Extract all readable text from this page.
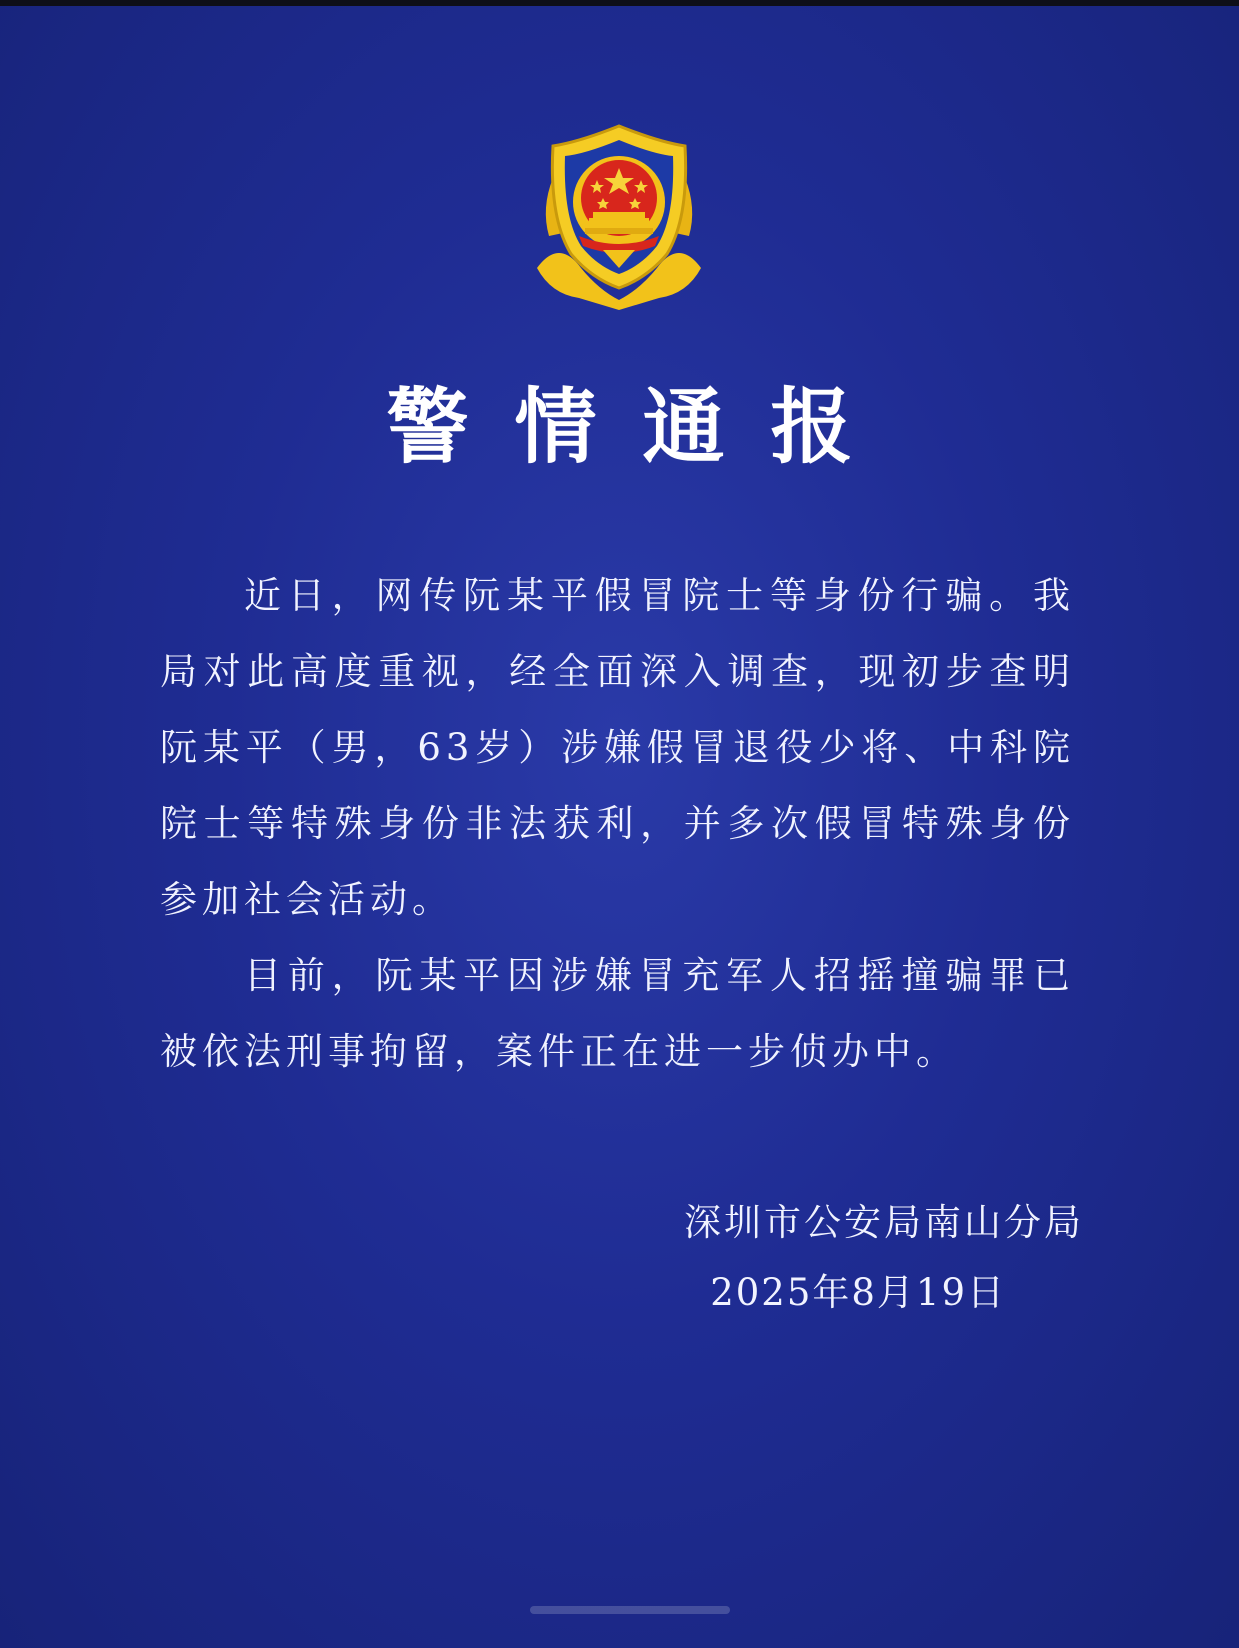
警情通报

近日，网传阮某平假冒院士等身份行骗。我局对此高度重视，经全面深入调查，现初步查明阮某平（男，63岁）涉嫌假冒退役少将、中科院院士等特殊身份非法获利，并多次假冒特殊身份参加社会活动。

目前，阮某平因涉嫌冒充军人招摇撞骗罪已被依法刑事拘留，案件正在进一步侦办中。

深圳市公安局南山分局
2025年8月19日
